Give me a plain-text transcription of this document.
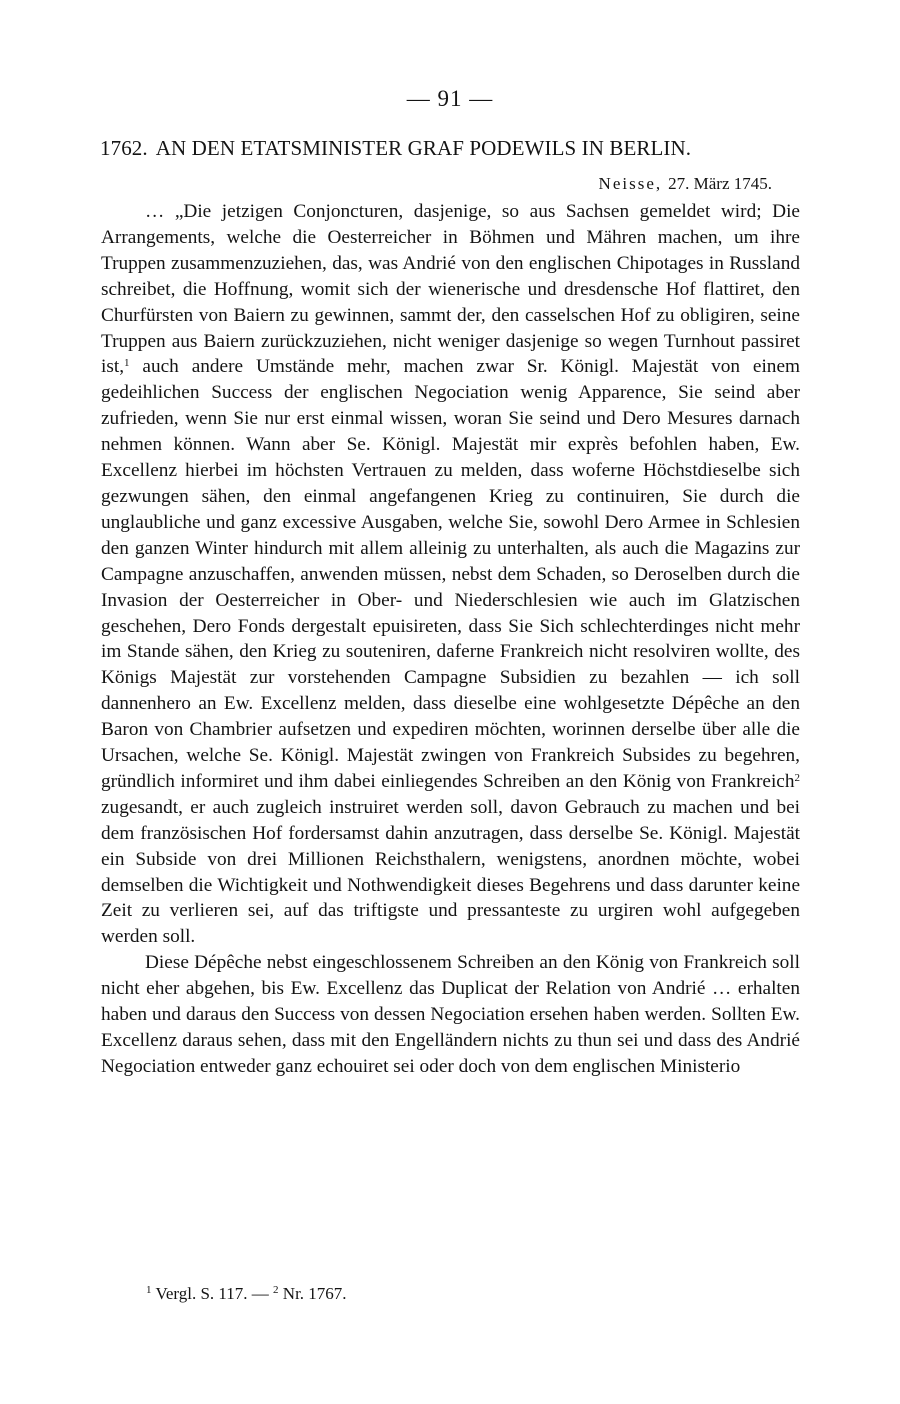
— 91 —
1762. AN DEN ETATSMINISTER GRAF PODEWILS IN BERLIN.
Neisse, 27. März 1745.

… „Die jetzigen Conjoncturen, dasjenige, so aus Sachsen gemeldet wird; Die Arrangements, welche die Oesterreicher in Böhmen und Mähren machen, um ihre Truppen zusammenzuziehen, das, was Andrié von den englischen Chipotages in Russland schreibet, die Hoffnung, womit sich der wienerische und dresdensche Hof flattiret, den Churfürsten von Baiern zu gewinnen, sammt der, den casselschen Hof zu obligiren, seine Truppen aus Baiern zurückzuziehen, nicht weniger dasjenige so wegen Turnhout passiret ist,$^1$ auch andere Umstände mehr, machen zwar Sr. Königl. Majestät von einem gedeihlichen Success der englischen Negociation wenig Apparence, Sie seind aber zufrieden, wenn Sie nur erst einmal wissen, woran Sie seind und Dero Mesures darnach nehmen können. Wann aber Se. Königl. Majestät mir exprès befohlen haben, Ew. Excellenz hierbei im höchsten Vertrauen zu melden, dass woferne Höchstdieselbe sich gezwungen sähen, den einmal angefangenen Krieg zu continuiren, Sie durch die unglaubliche und ganz excessive Ausgaben, welche Sie, sowohl Dero Armee in Schlesien den ganzen Winter hindurch mit allem alleinig zu unterhalten, als auch die Magazins zur Campagne anzuschaffen, anwenden müssen, nebst dem Schaden, so Deroselben durch die Invasion der Oesterreicher in Ober- und Niederschlesien wie auch im Glatzischen geschehen, Dero Fonds dergestalt epuisireten, dass Sie Sich schlechterdinges nicht mehr im Stande sähen, den Krieg zu souteniren, daferne Frankreich nicht resolviren wollte, des Königs Majestät zur vorstehenden Campagne Subsidien zu bezahlen — ich soll dannenhero an Ew. Excellenz melden, dass dieselbe eine wohlgesetzte Dépêche an den Baron von Chambrier aufsetzen und expediren möchten, worinnen derselbe über alle die Ursachen, welche Se. Königl. Majestät zwingen von Frankreich Subsides zu begehren, gründlich informiret und ihm dabei einliegendes Schreiben an den König von Frankreich$^2$ zugesandt, er auch zugleich instruiret werden soll, davon Gebrauch zu machen und bei dem französischen Hof fordersamst dahin anzutragen, dass derselbe Se. Königl. Majestät ein Subside von drei Millionen Reichsthalern, wenigstens, anordnen möchte, wobei demselben die Wichtigkeit und Nothwendigkeit dieses Begehrens und dass darunter keine Zeit zu verlieren sei, auf das triftigste und pressanteste zu urgiren wohl aufgegeben werden soll.

Diese Dépêche nebst eingeschlossenem Schreiben an den König von Frankreich soll nicht eher abgehen, bis Ew. Excellenz das Duplicat der Relation von Andrié … erhalten haben und daraus den Success von dessen Negociation ersehen haben werden. Sollten Ew. Excellenz daraus sehen, dass mit den Engelländern nichts zu thun sei und dass des Andrié Negociation entweder ganz echouiret sei oder doch von dem englischen Ministerio

$^1$ Vergl. S. 117. — $^2$ Nr. 1767.
